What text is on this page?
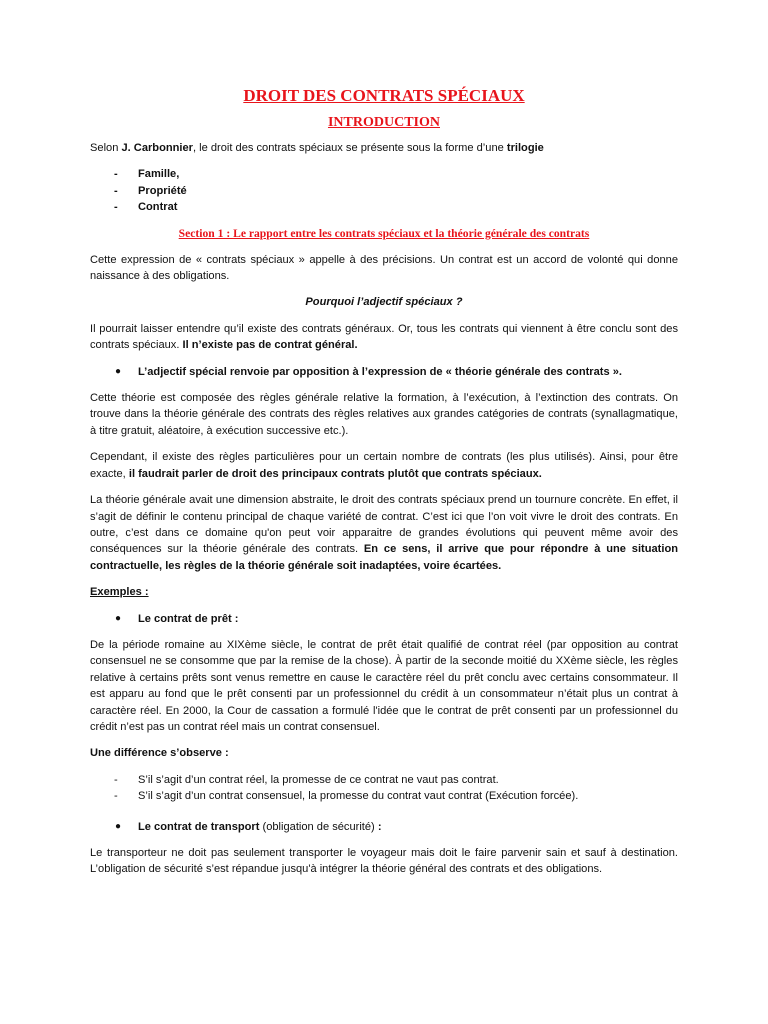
DROIT DES CONTRATS SPÉCIAUX
INTRODUCTION

Selon J. Carbonnier, le droit des contrats spéciaux se présente sous la forme d’une trilogie

- Famille,
- Propriété
- Contrat
Section 1 : Le rapport entre les contrats spéciaux et la théorie générale des contrats

Cette expression de « contrats spéciaux » appelle à des précisions. Un contrat est un accord de volonté qui donne naissance à des obligations.

Pourquoi l’adjectif spéciaux ?

Il pourrait laisser entendre qu’il existe des contrats généraux. Or, tous les contrats qui viennent à être conclu sont des contrats spéciaux. Il n’existe pas de contrat général.

● L’adjectif spécial renvoie par opposition à l’expression de « théorie générale des contrats ».

Cette théorie est composée des règles générale relative la formation, à l’exécution, à l’extinction des contrats. On trouve dans la théorie générale des contrats des règles relatives aux grandes catégories de contrats (synallagmatique, à titre gratuit, aléatoire, à exécution successive etc.).

Cependant, il existe des règles particulières pour un certain nombre de contrats (les plus utilisés). Ainsi, pour être exacte, il faudrait parler de droit des principaux contrats plutôt que contrats spéciaux.

La théorie générale avait une dimension abstraite, le droit des contrats spéciaux prend un tournure concrète. En effet, il s’agit de définir le contenu principal de chaque variété de contrat. C’est ici que l’on voit vivre le droit des contrats. En outre, c’est dans ce domaine qu'on peut voir apparaitre de grandes évolutions qui peuvent même avoir des conséquences sur la théorie générale des contrats. En ce sens, il arrive que pour répondre à une situation contractuelle, les règles de la théorie générale soit inadaptées, voire écartées.

Exemples :
● Le contrat de prêt :

De la période romaine au XIXème siècle, le contrat de prêt était qualifié de contrat réel (par opposition au contrat consensuel ne se consomme que par la remise de la chose). À partir de la seconde moitié du XXème siècle, les règles relative à certains prêts sont venus remettre en cause le caractère réel du prêt conclu avec certains consommateur. Il est apparu au fond que le prêt consenti par un professionnel du crédit à un consommateur n’était plus un contrat à caractère réel. En 2000, la Cour de cassation a formulé l'idée que le contrat de prêt consenti par un professionnel du crédit n’est pas un contrat réel mais un contrat consensuel.

Une différence s’observe :
- S’il s’agit d’un contrat réel, la promesse de ce contrat ne vaut pas contrat.
- S’il s’agit d’un contrat consensuel, la promesse du contrat vaut contrat (Exécution forcée).
● Le contrat de transport (obligation de sécurité) :

Le transporteur ne doit pas seulement transporter le voyageur mais doit le faire parvenir sain et sauf à destination. L’obligation de sécurité s’est répandue jusqu'à intégrer la théorie général des contrats et des obligations.
